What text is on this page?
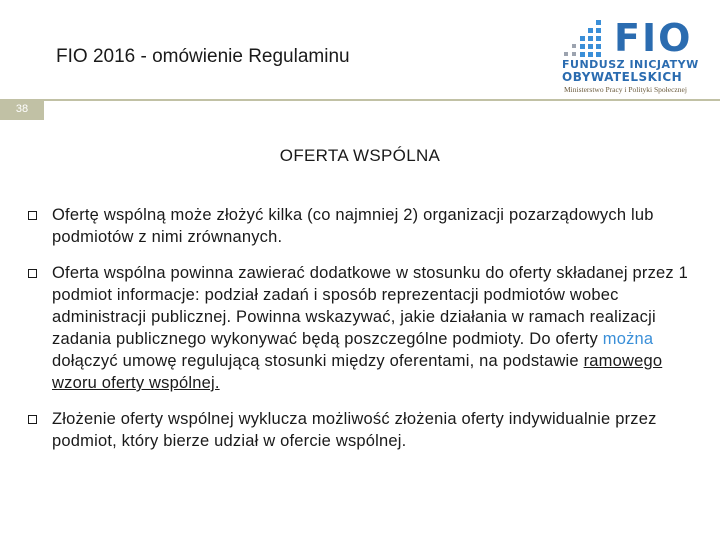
FIO 2016 - omówienie Regulaminu	FIO
FUNDUSZ INICJATYW
OBYWATELSKICH
Ministerstwo Pracy i Polityki Społecznej
38
OFERTA WSPÓLNA
Ofertę wspólną może złożyć kilka (co najmniej 2) organizacji pozarządowych lub podmiotów z nimi zrównanych.
Oferta wspólna powinna zawierać dodatkowe w stosunku do oferty składanej przez 1 podmiot informacje: podział zadań i sposób reprezentacji podmiotów wobec administracji publicznej. Powinna wskazywać, jakie działania w ramach realizacji zadania publicznego wykonywać będą poszczególne podmioty. Do oferty można dołączyć umowę regulującą stosunki między oferentami, na podstawie ramowego wzoru oferty wspólnej.
Złożenie oferty wspólnej wyklucza możliwość złożenia oferty indywidualnie przez podmiot, który bierze udział w ofercie wspólnej.
